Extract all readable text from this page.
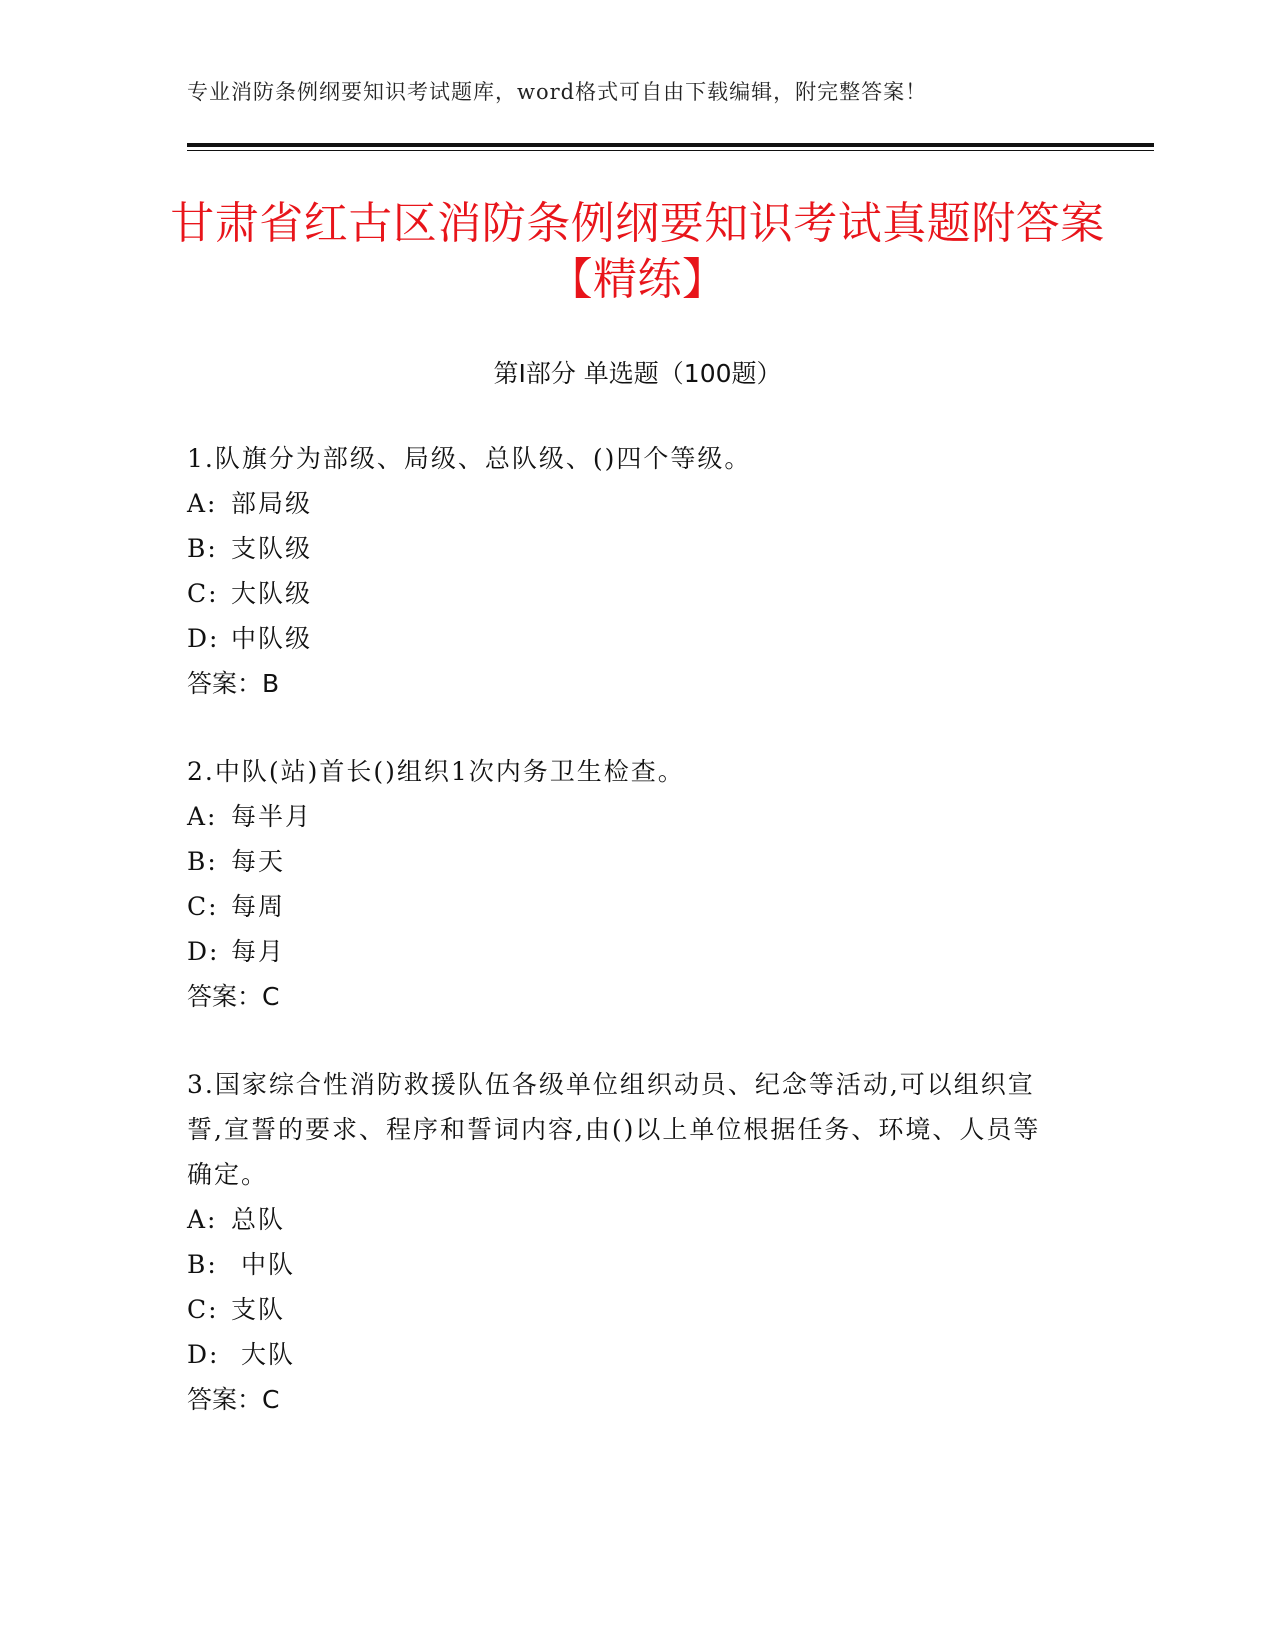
专业消防条例纲要知识考试题库，word格式可自由下载编辑，附完整答案！
甘肃省红古区消防条例纲要知识考试真题附答案【精练】
第Ⅰ部分 单选题（100题）
1.队旗分为部级、局级、总队级、()四个等级。
A: 部局级
B: 支队级
C: 大队级
D: 中队级
答案：B
2.中队(站)首长()组织1次内务卫生检查。
A: 每半月
B: 每天
C: 每周
D: 每月
答案：C
3.国家综合性消防救援队伍各级单位组织动员、纪念等活动,可以组织宣誓,宣誓的要求、程序和誓词内容,由()以上单位根据任务、环境、人员等确定。
A: 总队
B: 中队
C: 支队
D: 大队
答案：C
